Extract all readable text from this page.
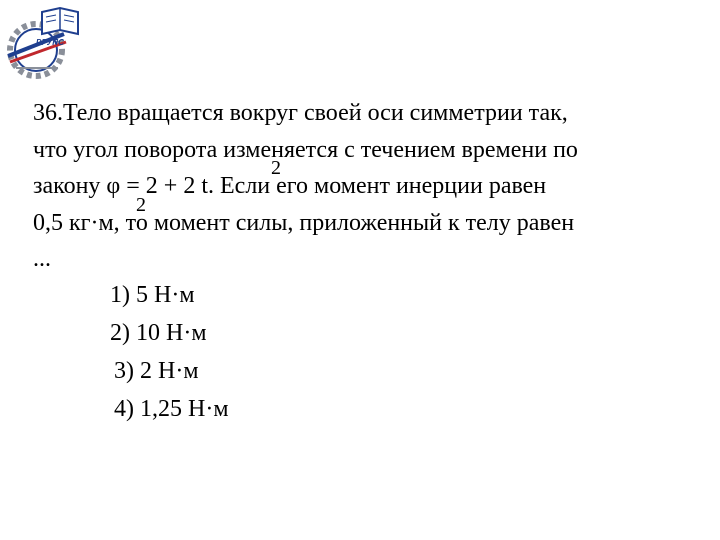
РГУПС
36.Тело вращается вокруг своей оси симметрии так,
что угол поворота изменяется с течением времени по
закону φ = 2 + 2 t. Если его момент инерции равен
2
0,5 кг·м, то момент силы, приложенный к телу равен
2
...
1) 5 Н·м
2) 10 Н·м
3) 2 Н·м
4) 1,25 Н·м
